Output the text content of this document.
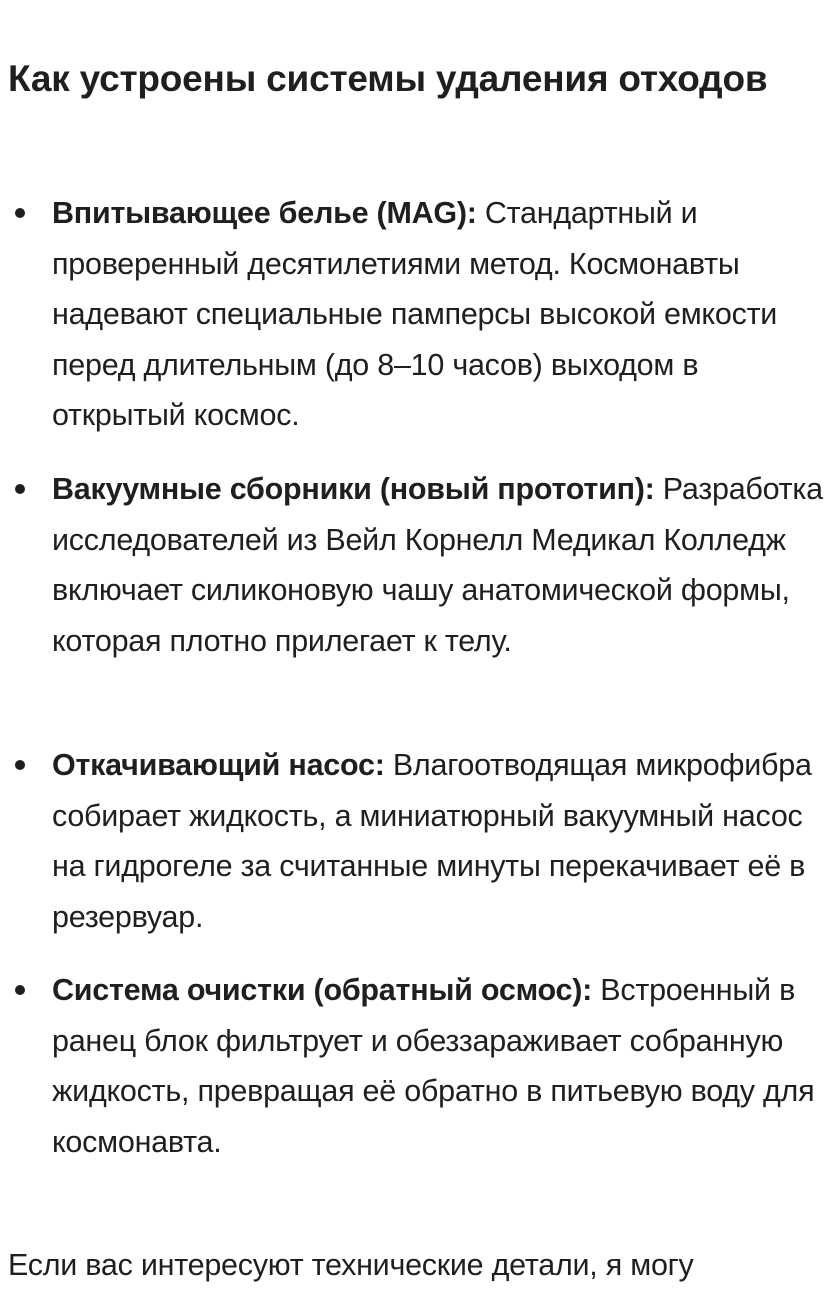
Как устроены системы удаления отходов
Впитывающее белье (MAG): Стандартный и проверенный десятилетиями метод. Космонавты надевают специальные памперсы высокой емкости перед длительным (до 8–10 часов) выходом в открытый космос.
Вакуумные сборники (новый прототип): Разработка исследователей из Вейл Корнелл Медикал Колледж включает силиконовую чашу анатомической формы, которая плотно прилегает к телу.
Откачивающий насос: Влагоотводящая микрофибра собирает жидкость, а миниатюрный вакуумный насос на гидрогеле за считанные минуты перекачивает её в резервуар.
Система очистки (обратный осмос): Встроенный в ранец блок фильтрует и обеззараживает собранную жидкость, превращая её обратно в питьевую воду для космонавта.

Если вас интересуют технические детали, я могу
